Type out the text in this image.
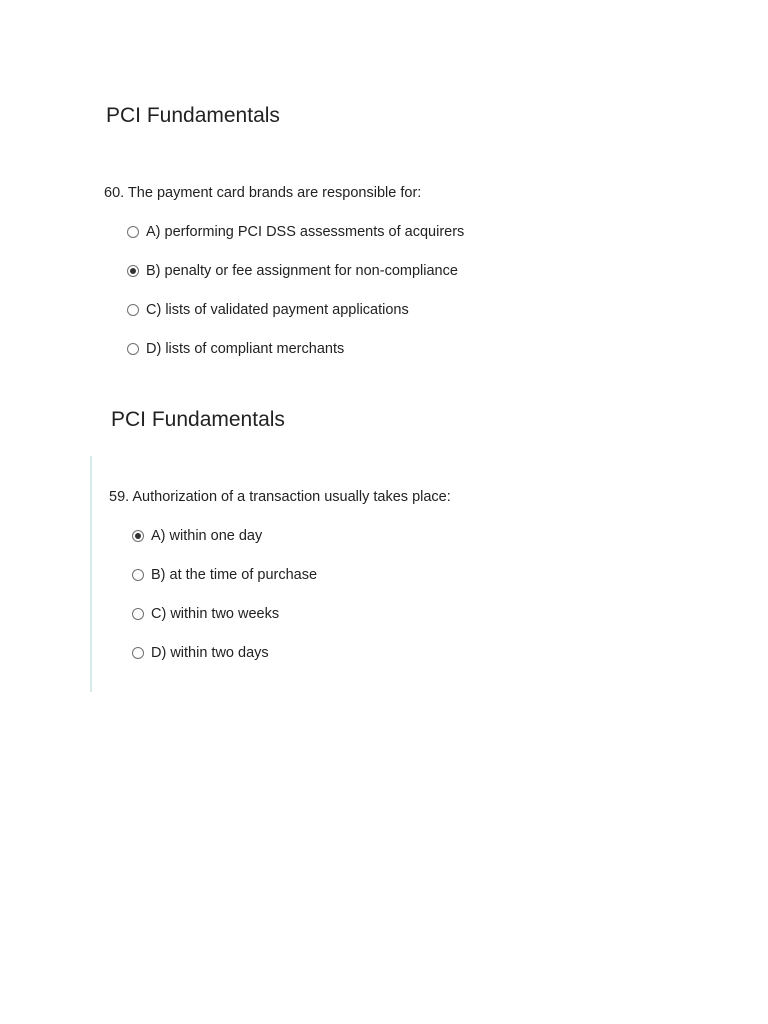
PCI Fundamentals
60. The payment card brands are responsible for:
A) performing PCI DSS assessments of acquirers
B) penalty or fee assignment for non-compliance
C) lists of validated payment applications
D) lists of compliant merchants
PCI Fundamentals
59. Authorization of a transaction usually takes place:
A) within one day
B) at the time of purchase
C) within two weeks
D) within two days
